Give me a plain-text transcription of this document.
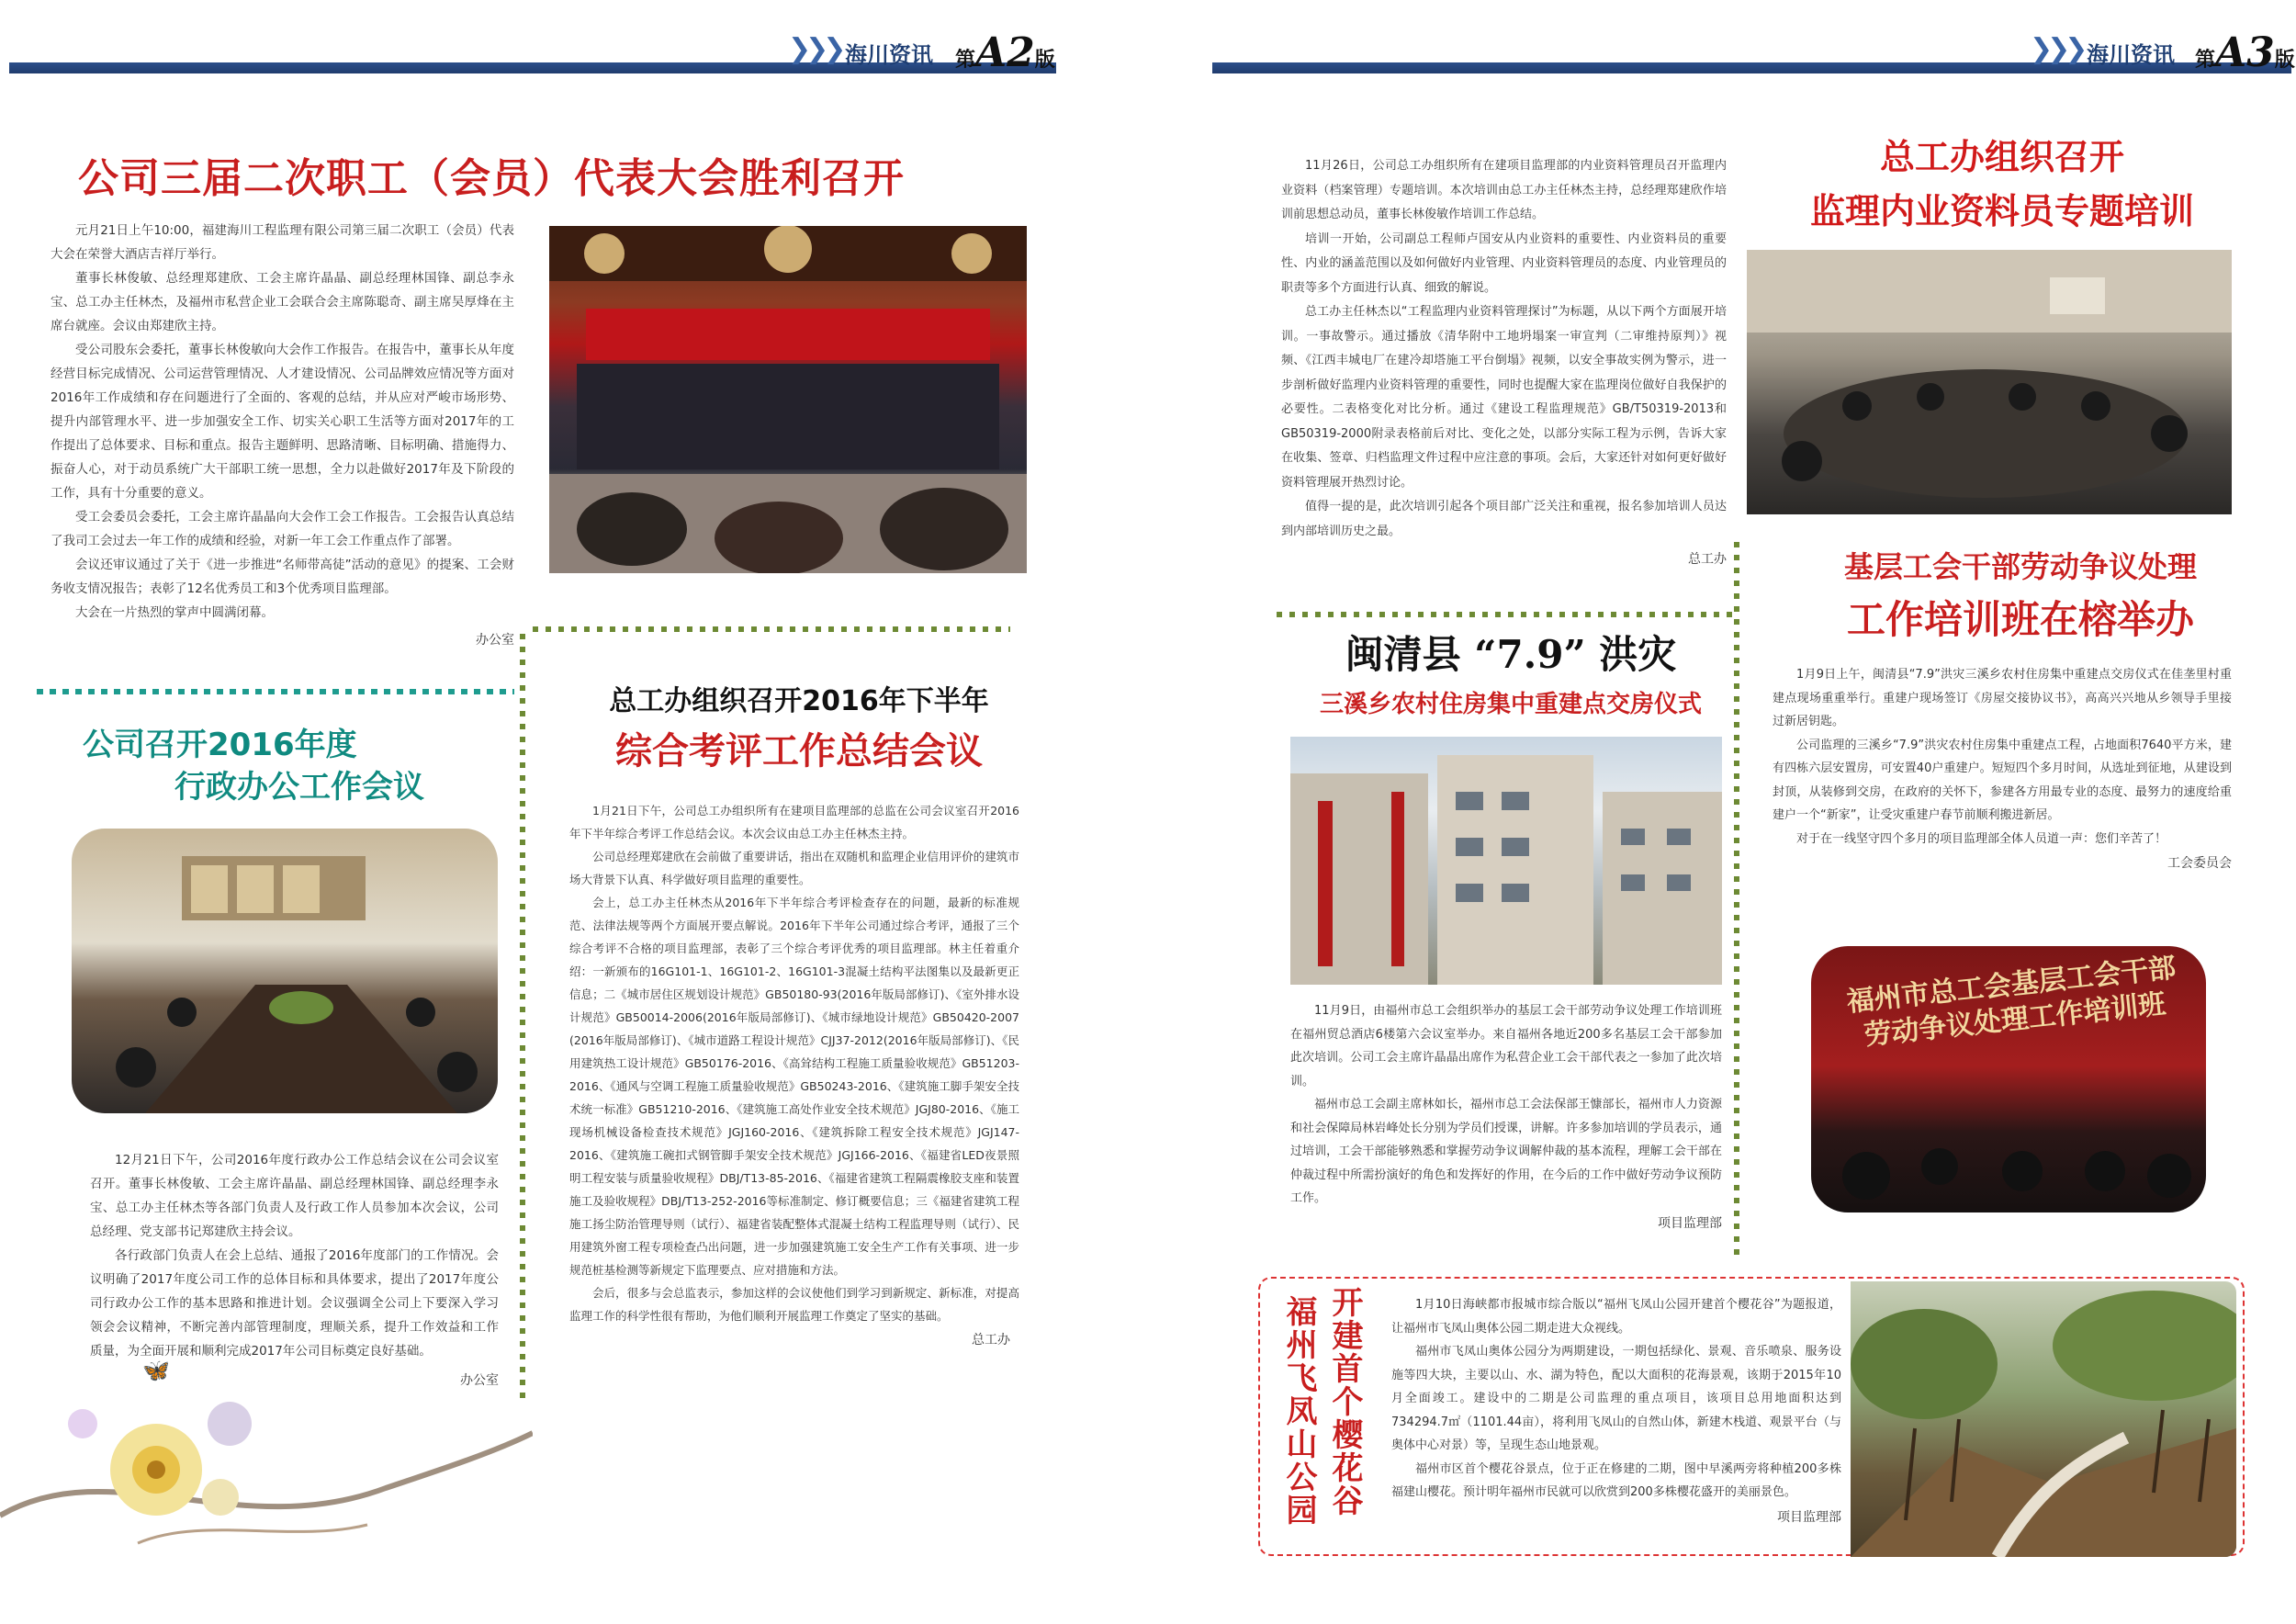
❯❯❯ 海川资讯 第A2版
公司三届二次职工（会员）代表大会胜利召开

元月21日上午10:00，福建海川工程监理有限公司第三届二次职工（会员）代表大会在荣誉大酒店吉祥厅举行。

董事长林俊敏、总经理郑建欣、工会主席许晶晶、副总经理林国锋、副总李永宝、总工办主任林杰，及福州市私营企业工会联合会主席陈聪奇、副主席吴厚烽在主席台就座。会议由郑建欣主持。

受公司股东会委托，董事长林俊敏向大会作工作报告。在报告中，董事长从年度经营目标完成情况、公司运营管理情况、人才建设情况、公司品牌效应情况等方面对2016年工作成绩和存在问题进行了全面的、客观的总结，并从应对严峻市场形势、提升内部管理水平、进一步加强安全工作、切实关心职工生活等方面对2017年的工作提出了总体要求、目标和重点。报告主题鲜明、思路清晰、目标明确、措施得力、振奋人心，对于动员系统广大干部职工统一思想，全力以赴做好2017年及下阶段的工作，具有十分重要的意义。

受工会委员会委托，工会主席许晶晶向大会作工会工作报告。工会报告认真总结了我司工会过去一年工作的成绩和经验，对新一年工会工作重点作了部署。

会议还审议通过了关于《进一步推进“名师带高徒”活动的意见》的提案、工会财务收支情况报告；表彰了12名优秀员工和3个优秀项目监理部。

大会在一片热烈的掌声中圆满闭幕。

办公室
公司召开2016年度
行政办公工作会议

12月21日下午，公司2016年度行政办公工作总结会议在公司会议室召开。董事长林俊敏、工会主席许晶晶、副总经理林国锋、副总经理李永宝、总工办主任林杰等各部门负责人及行政工作人员参加本次会议，公司总经理、党支部书记郑建欣主持会议。

各行政部门负责人在会上总结、通报了2016年度部门的工作情况。会议明确了2017年度公司工作的总体目标和具体要求，提出了2017年度公司行政办公工作的基本思路和推进计划。会议强调全公司上下要深入学习领会会议精神，不断完善内部管理制度，理顺关系，提升工作效益和工作质量，为全面开展和顺利完成2017年公司目标奠定良好基础。

办公室
总工办组织召开2016年下半年
综合考评工作总结会议

1月21日下午，公司总工办组织所有在建项目监理部的总监在公司会议室召开2016年下半年综合考评工作总结会议。本次会议由总工办主任林杰主持。

公司总经理郑建欣在会前做了重要讲话，指出在双随机和监理企业信用评价的建筑市场大背景下认真、科学做好项目监理的重要性。

会上，总工办主任林杰从2016年下半年综合考评检查存在的问题，最新的标准规范、法律法规等两个方面展开要点解说。2016年下半年公司通过综合考评，通报了三个综合考评不合格的项目监理部，表彰了三个综合考评优秀的项目监理部。林主任着重介绍：一新颁布的16G101-1、16G101-2、16G101-3混凝土结构平法图集以及最新更正信息；二《城市居住区规划设计规范》GB50180-93(2016年版局部修订)、《室外排水设计规范》GB50014-2006(2016年版局部修订)、《城市绿地设计规范》GB50420-2007 (2016年版局部修订)、《城市道路工程设计规范》CJJ37-2012(2016年版局部修订)、《民用建筑热工设计规范》GB50176-2016、《高耸结构工程施工质量验收规范》GB51203-2016、《通风与空调工程施工质量验收规范》GB50243-2016、《建筑施工脚手架安全技术统一标准》GB51210-2016、《建筑施工高处作业安全技术规范》JGJ80-2016、《施工现场机械设备检查技术规范》JGJ160-2016、《建筑拆除工程安全技术规范》JGJ147-2016、《建筑施工碗扣式钢管脚手架安全技术规范》JGJ166-2016、《福建省LED夜景照明工程安装与质量验收规程》DBJ/T13-85-2016、《福建省建筑工程隔震橡胶支座和装置施工及验收规程》DBJ/T13-252-2016等标准制定、修订概要信息；三《福建省建筑工程施工扬尘防治管理导则（试行）、福建省装配整体式混凝土结构工程监理导则（试行）、民用建筑外窗工程专项检查凸出问题，进一步加强建筑施工安全生产工作有关事项、进一步规范桩基检测等新规定下监理要点、应对措施和方法。

会后，很多与会总监表示，参加这样的会议使他们到学习到新规定、新标准，对提高监理工作的科学性很有帮助，为他们顺利开展监理工作奠定了坚实的基础。

总工办
🦋
❯❯❯ 海川资讯 第A3版

11月26日，公司总工办组织所有在建项目监理部的内业资料管理员召开监理内业资料（档案管理）专题培训。本次培训由总工办主任林杰主持，总经理郑建欣作培训前思想总动员，董事长林俊敏作培训工作总结。

培训一开始，公司副总工程师卢国安从内业资料的重要性、内业资料员的重要性、内业的涵盖范围以及如何做好内业管理、内业资料管理员的态度、内业管理员的职责等多个方面进行认真、细致的解说。

总工办主任林杰以“工程监理内业资料管理探讨”为标题，从以下两个方面展开培训。一事故警示。通过播放《清华附中工地坍塌案一审宣判（二审维持原判）》视频、《江西丰城电厂在建冷却塔施工平台倒塌》视频，以安全事故实例为警示，进一步剖析做好监理内业资料管理的重要性，同时也提醒大家在监理岗位做好自我保护的必要性。二表格变化对比分析。通过《建设工程监理规范》GB/T50319-2013和GB50319-2000附录表格前后对比、变化之处，以部分实际工程为示例，告诉大家在收集、签章、归档监理文件过程中应注意的事项。会后，大家还针对如何更好做好资料管理展开热烈讨论。

值得一提的是，此次培训引起各个项目部广泛关注和重视，报名参加培训人员达到内部培训历史之最。

总工办
总工办组织召开
监理内业资料员专题培训
闽清县 “7.9” 洪灾
三溪乡农村住房集中重建点交房仪式

11月9日，由福州市总工会组织举办的基层工会干部劳动争议处理工作培训班在福州贸总酒店6楼第六会议室举办。来自福州各地近200多名基层工会干部参加此次培训。公司工会主席许晶晶出席作为私营企业工会干部代表之一参加了此次培训。

福州市总工会副主席林如长，福州市总工会法保部王慷部长，福州市人力资源和社会保障局林岩峰处长分别为学员们授课，讲解。许多参加培训的学员表示，通过培训，工会干部能够熟悉和掌握劳动争议调解仲裁的基本流程，理解工会干部在仲裁过程中所需扮演好的角色和发挥好的作用，在今后的工作中做好劳动争议预防工作。

项目监理部
基层工会干部劳动争议处理
工作培训班在榕举办

1月9日上午，闽清县“7.9”洪灾三溪乡农村住房集中重建点交房仪式在佳垄里村重建点现场重重举行。重建户现场签订《房屋交接协议书》，高高兴兴地从乡领导手里接过新居钥匙。

公司监理的三溪乡“7.9”洪灾农村住房集中重建点工程，占地面积7640平方米，建有四栋六层安置房，可安置40户重建户。短短四个多月时间，从选址到征地，从建设到封顶，从装修到交房，在政府的关怀下，参建各方用最专业的态度、最努力的速度给重建户一个“新家”，让受灾重建户春节前顺利搬进新居。

对于在一线坚守四个多月的项目监理部全体人员道一声：您们辛苦了！

工会委员会
福州市总工会基层工会干部劳动争议处理工作培训班
福州飞凤山公园 开建首个樱花谷	1月10日海峡都市报城市综合版以“福州飞凤山公园开建首个樱花谷”为题报道，让福州市飞凤山奥体公园二期走进大众视线。

福州市飞凤山奥体公园分为两期建设，一期包括绿化、景观、音乐喷泉、服务设施等四大块，主要以山、水、湖为特色，配以大面积的花海景观，该期于2015年10月全面竣工。建设中的二期是公司监理的重点项目，该项目总用地面积达到734294.7㎡（1101.44亩），将利用飞凤山的自然山体，新建木栈道、观景平台（与奥体中心对景）等，呈现生态山地景观。

福州市区首个樱花谷景点，位于正在修建的二期，图中早溪两旁将种植200多株福建山樱花。预计明年福州市民就可以欣赏到200多株樱花盛开的美丽景色。

项目监理部
